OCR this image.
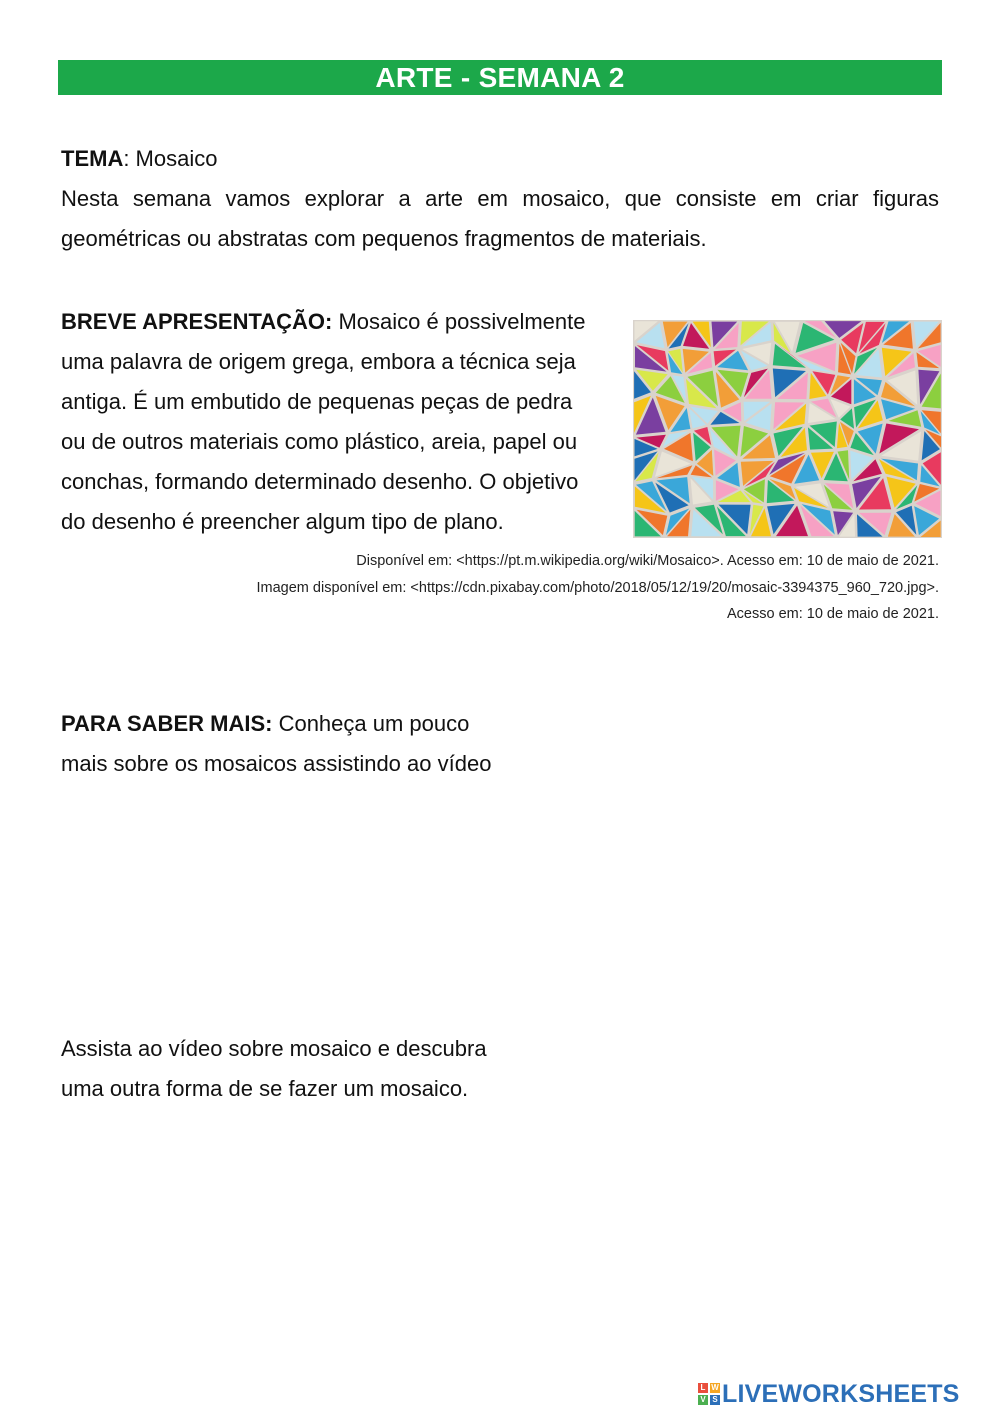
ARTE - SEMANA 2

TEMA: Mosaico

Nesta semana vamos explorar a arte em mosaico, que consiste em criar figuras geométricas ou abstratas com pequenos fragmentos de materiais.

BREVE APRESENTAÇÃO: Mosaico é possivelmente

uma palavra de origem grega, embora a técnica seja

antiga. É um embutido de pequenas peças de pedra

ou de outros materiais como plástico, areia, papel ou

conchas, formando determinado desenho. O objetivo

do desenho é preencher algum tipo de plano.

Disponível em: <https://pt.m.wikipedia.org/wiki/Mosaico>. Acesso em: 10 de maio de 2021.
Imagem disponível em: <https://cdn.pixabay.com/photo/2018/05/12/19/20/mosaic-3394375_960_720.jpg>.
Acesso em: 10 de maio de 2021.

PARA SABER MAIS: Conheça um pouco

mais sobre os mosaicos assistindo ao vídeo

Assista ao vídeo sobre mosaico e descubra

uma outra forma de se fazer um mosaico.

L W
V S LIVEWORKSHEETS
